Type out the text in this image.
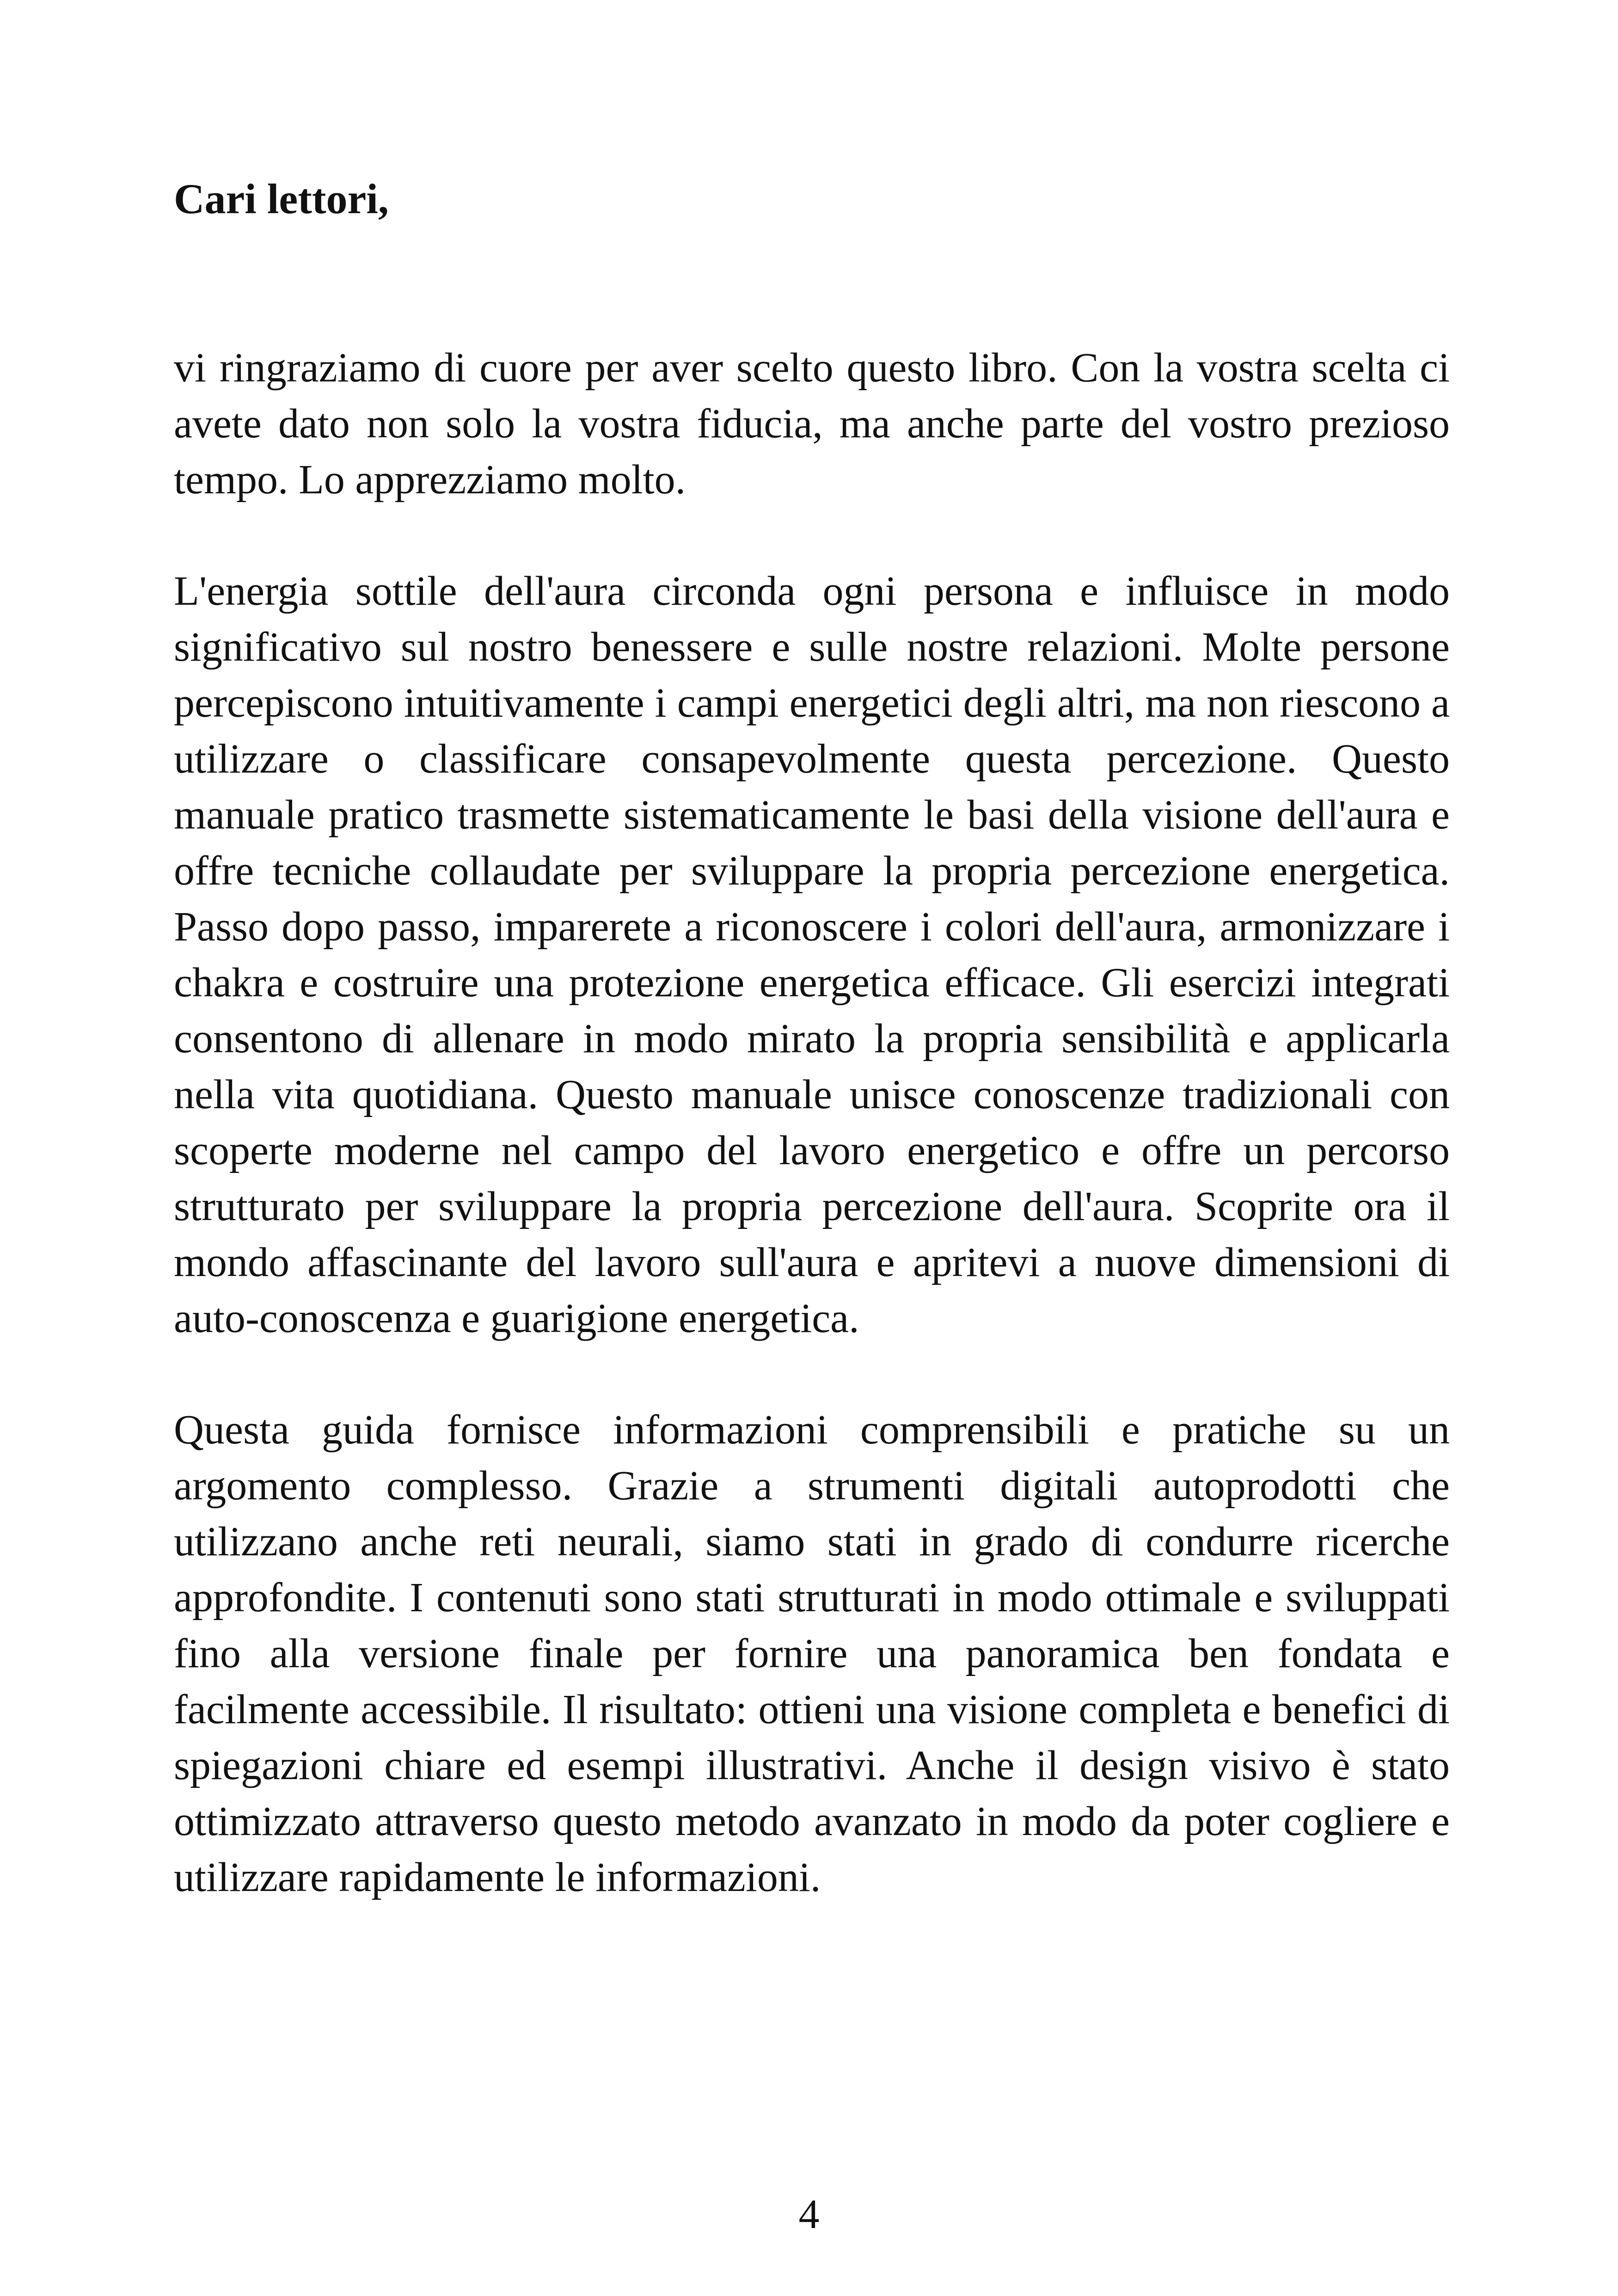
Cari lettori,

vi ringraziamo di cuore per aver scelto questo libro. Con la vostra scelta ci avete dato non solo la vostra fiducia, ma anche parte del vostro prezioso tempo. Lo apprezziamo molto.

L'energia sottile dell'aura circonda ogni persona e influisce in modo significativo sul nostro benessere e sulle nostre relazioni. Molte persone percepiscono intuitivamente i campi energetici degli altri, ma non riescono a utilizzare o classificare consapevolmente questa percezione. Questo manuale pratico trasmette sistematicamente le basi della visione dell'aura e offre tecniche collaudate per sviluppare la propria percezione energetica. Passo dopo passo, imparerete a riconoscere i colori dell'aura, armonizzare i chakra e costruire una protezione energetica efficace. Gli esercizi integrati consentono di allenare in modo mirato la propria sensibilità e applicarla nella vita quotidiana. Questo manuale unisce conoscenze tradizionali con scoperte moderne nel campo del lavoro energetico e offre un percorso strutturato per sviluppare la propria percezione dell'aura. Scoprite ora il mondo affascinante del lavoro sull'aura e apritevi a nuove dimensioni di auto-conoscenza e guarigione energetica.

Questa guida fornisce informazioni comprensibili e pratiche su un argomento complesso. Grazie a strumenti digitali autoprodotti che utilizzano anche reti neurali, siamo stati in grado di condurre ricerche approfondite. I contenuti sono stati strutturati in modo ottimale e sviluppati fino alla versione finale per fornire una panoramica ben fondata e facilmente accessibile. Il risultato: ottieni una visione completa e benefici di spiegazioni chiare ed esempi illustrativi. Anche il design visivo è stato ottimizzato attraverso questo metodo avanzato in modo da poter cogliere e utilizzare rapidamente le informazioni.

4
